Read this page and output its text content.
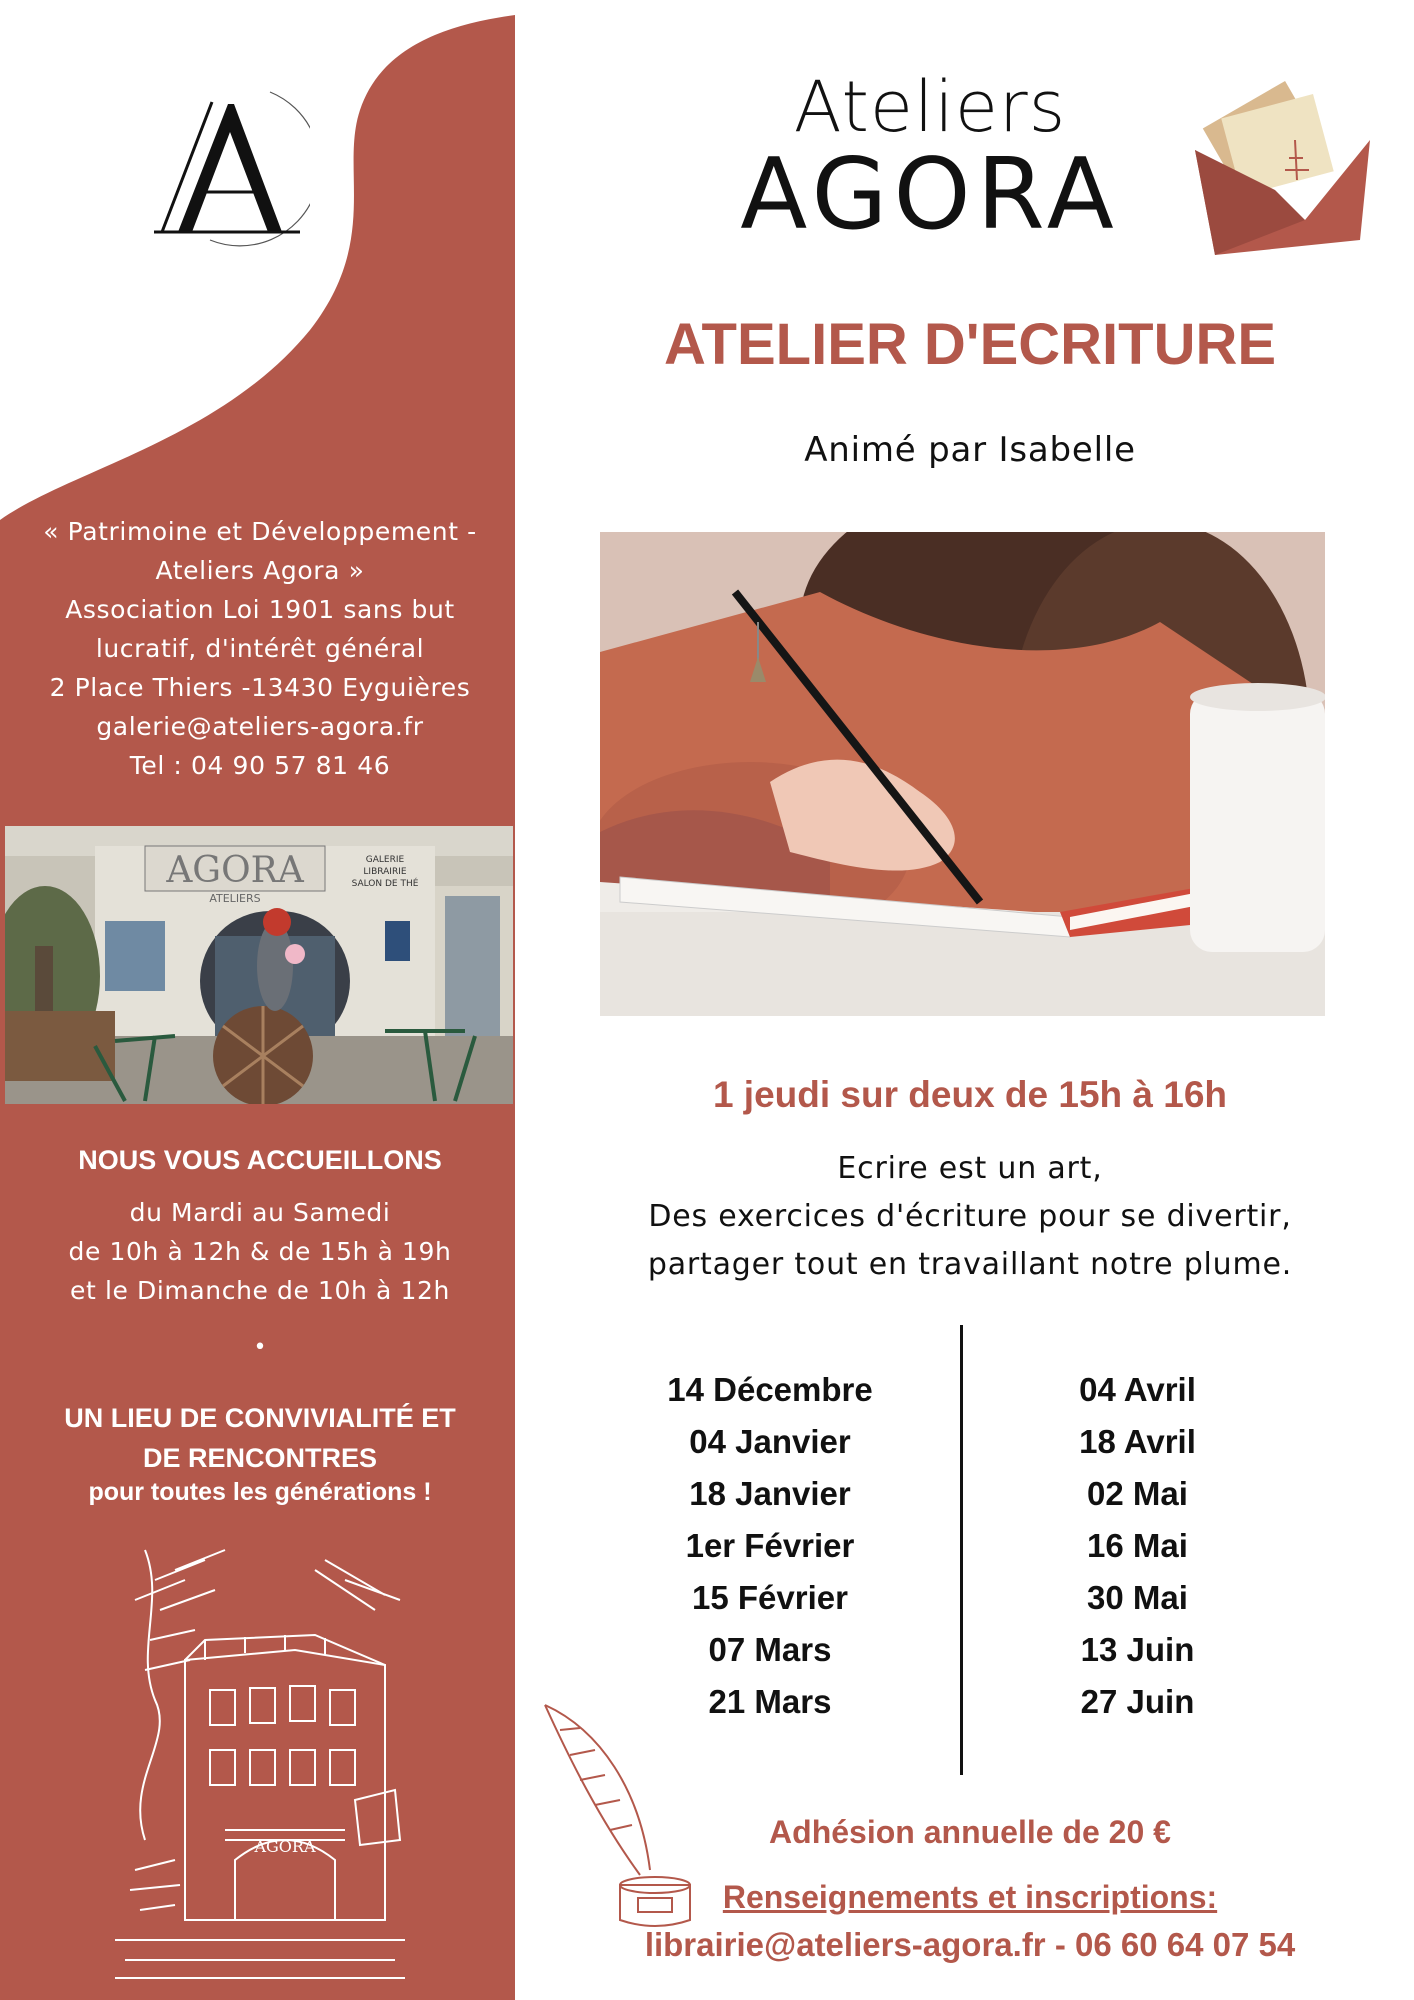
« Patrimoine et Développement -
Ateliers Agora »
Association Loi 1901 sans but
lucratif, d'intérêt général
2 Place Thiers -13430 Eyguières
galerie@ateliers-agora.fr
Tel : 04 90 57 81 46
AGORA
ATELIERS
GALERIE
LIBRAIRIE
SALON DE THÉ
NOUS VOUS ACCUEILLONS
du Mardi au Samedi
de 10h à 12h & de 15h à 19h
et le Dimanche de 10h à 12h
•
UN LIEU DE CONVIVIALITÉ ET
DE RENCONTRES
pour toutes les générations !
AGORA
Ateliers
AGORA
ATELIER D'ECRITURE
Animé par Isabelle
1 jeudi sur deux de 15h à 16h
Ecrire est un art,
Des exercices d'écriture pour se divertir,
partager tout en travaillant notre plume.
14 Décembre
04 Janvier
18 Janvier
1er Février
15 Février
07 Mars
21 Mars
04 Avril
18 Avril
02 Mai
16 Mai
30 Mai
13 Juin
27 Juin
Adhésion annuelle de 20 €
Renseignements et inscriptions:
librairie@ateliers-agora.fr - 06 60 64 07 54
